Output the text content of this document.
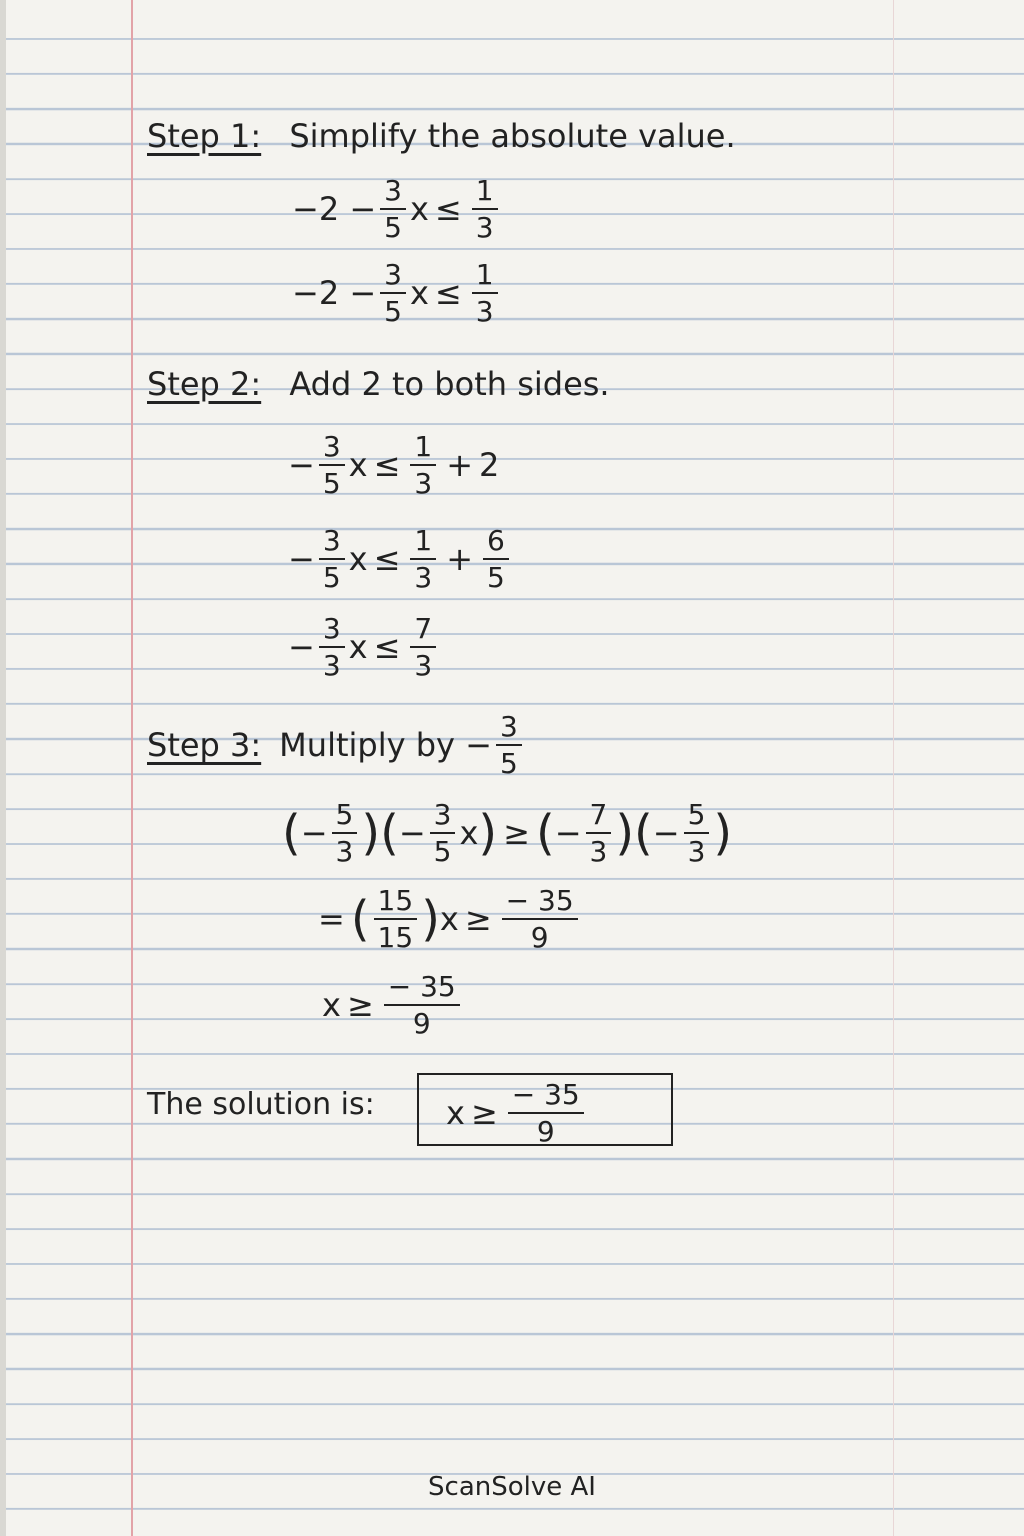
Step 1: Simplify the absolute value.
$-2 - \frac{3}{5}$ $x \le \frac{1}{3}$
$-2 - \frac{3}{5}$ $x \le \frac{1}{3}$
Step 2: Add 2 to both sides.
− $\frac{3}{5}$ $x \le \frac{1}{3} + 2$
− $\frac{3}{5}$ $x \le \frac{1}{3} + \frac{6}{5}$
− $\frac{3}{3}$ $x \le \frac{7}{3}$
Step 3: Multiply by − $\frac{3}{5}$
( − $\frac{5}{3}$ )( − $\frac{3}{5}$ x ) ≥ ( − $\frac{7}{3}$ )( − $\frac{5}{3}$ )
= ( $\frac{15}{15}$ ) $x \ge \frac{- 35}{9}$
$x \ge \frac{- 35}{9}$
The solution is: $x \ge \frac{- 35}{9}$
ScanSolve AI
